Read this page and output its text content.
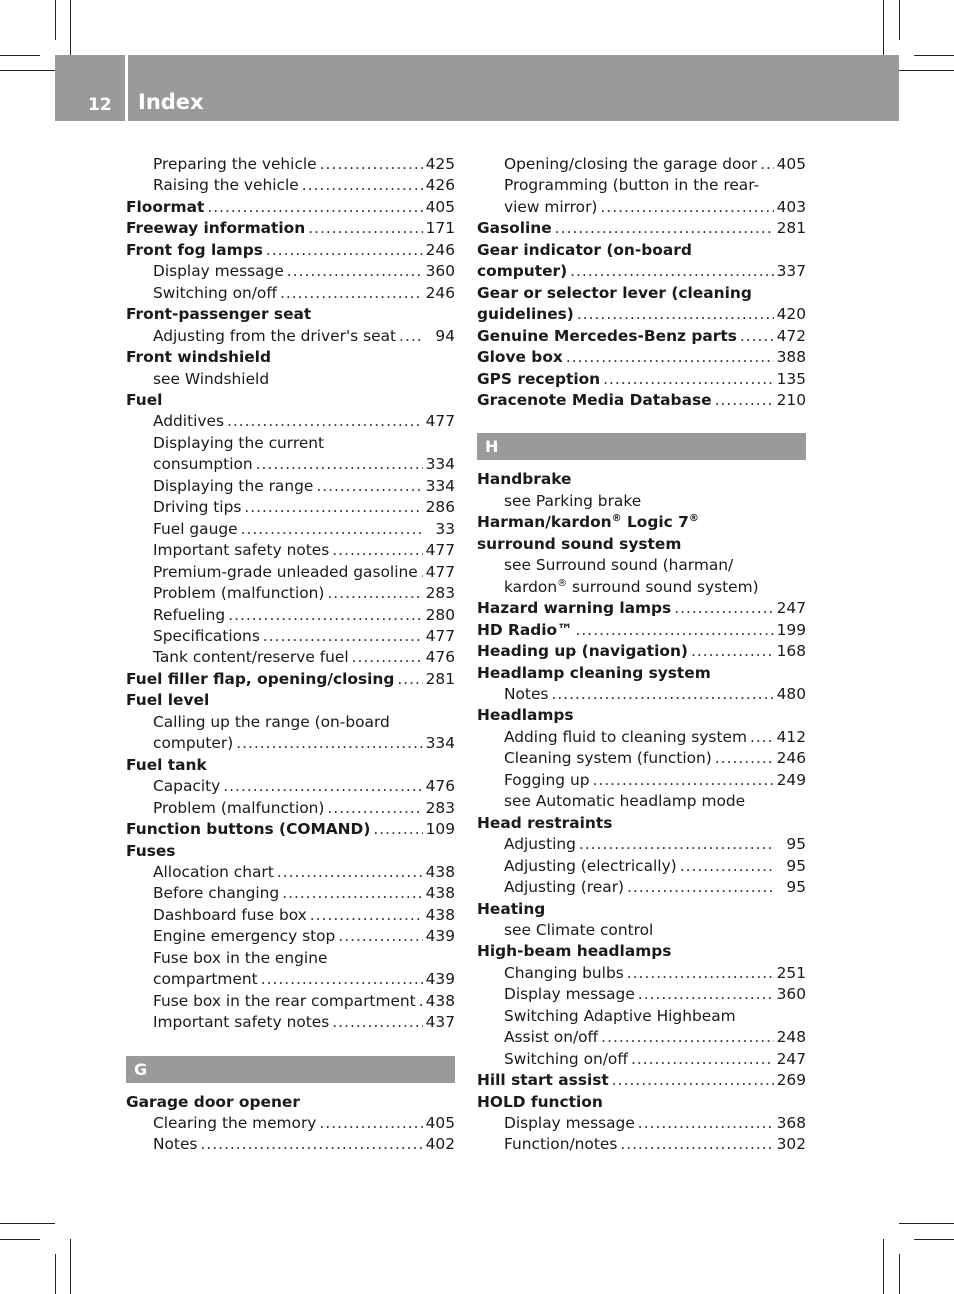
12 Index
Preparing the vehicle .....	425
Raising the vehicle .....	426
Floormat .....	405
Freeway information .....	171
Front fog lamps .....	246
Display message .....	360
Switching on/off .....	246
Front-passenger seat
Adjusting from the driver's seat .....	94
Front windshield
see Windshield
Fuel
Additives .....	477
Displaying the current
consumption .....	334
Displaying the range .....	334
Driving tips .....	286
Fuel gauge .....	33
Important safety notes .....	477
Premium-grade unleaded gasoline ..... 477
Problem (malfunction) .....	283
Refueling .....	280
Specifications .....	477
Tank content/reserve fuel .....	476
Fuel filler flap, opening/closing ..... 281
Fuel level
Calling up the range (on-board
computer) .....	334
Fuel tank
Capacity .....	476
Problem (malfunction) .....	283
Function buttons (COMAND) .....	109
Fuses
Allocation chart .....	438
Before changing .....	438
Dashboard fuse box .....	438
Engine emergency stop .....	439
Fuse box in the engine
compartment .....	439
Fuse box in the rear compartment ..... 438
Important safety notes .....	437
G
Garage door opener
Clearing the memory .....	405
Notes .....	402
Opening/closing the garage door ..... 405
Programming (button in the rear-
view mirror) .....	403
Gasoline .....	281
Gear indicator (on-board
computer) .....	337
Gear or selector lever (cleaning
guidelines) .....	420
Genuine Mercedes-Benz parts .....	472
Glove box .....	388
GPS reception .....	135
Gracenote Media Database .....	210
H
Handbrake
see Parking brake
Harman/kardon® Logic 7®
surround sound system
see Surround sound (harman/
kardon® surround sound system)
Hazard warning lamps .....	247
HD Radio™ .....	199
Heading up (navigation) .....	168
Headlamp cleaning system
Notes .....	480
Headlamps
Adding fluid to cleaning system ..... 412
Cleaning system (function) .....	246
Fogging up .....	249
see Automatic headlamp mode
Head restraints
Adjusting .....	95
Adjusting (electrically) .....	95
Adjusting (rear) .....	95
Heating
see Climate control
High-beam headlamps
Changing bulbs .....	251
Display message .....	360
Switching Adaptive Highbeam
Assist on/off .....	248
Switching on/off .....	247
Hill start assist .....	269
HOLD function
Display message .....	368
Function/notes .....	302
